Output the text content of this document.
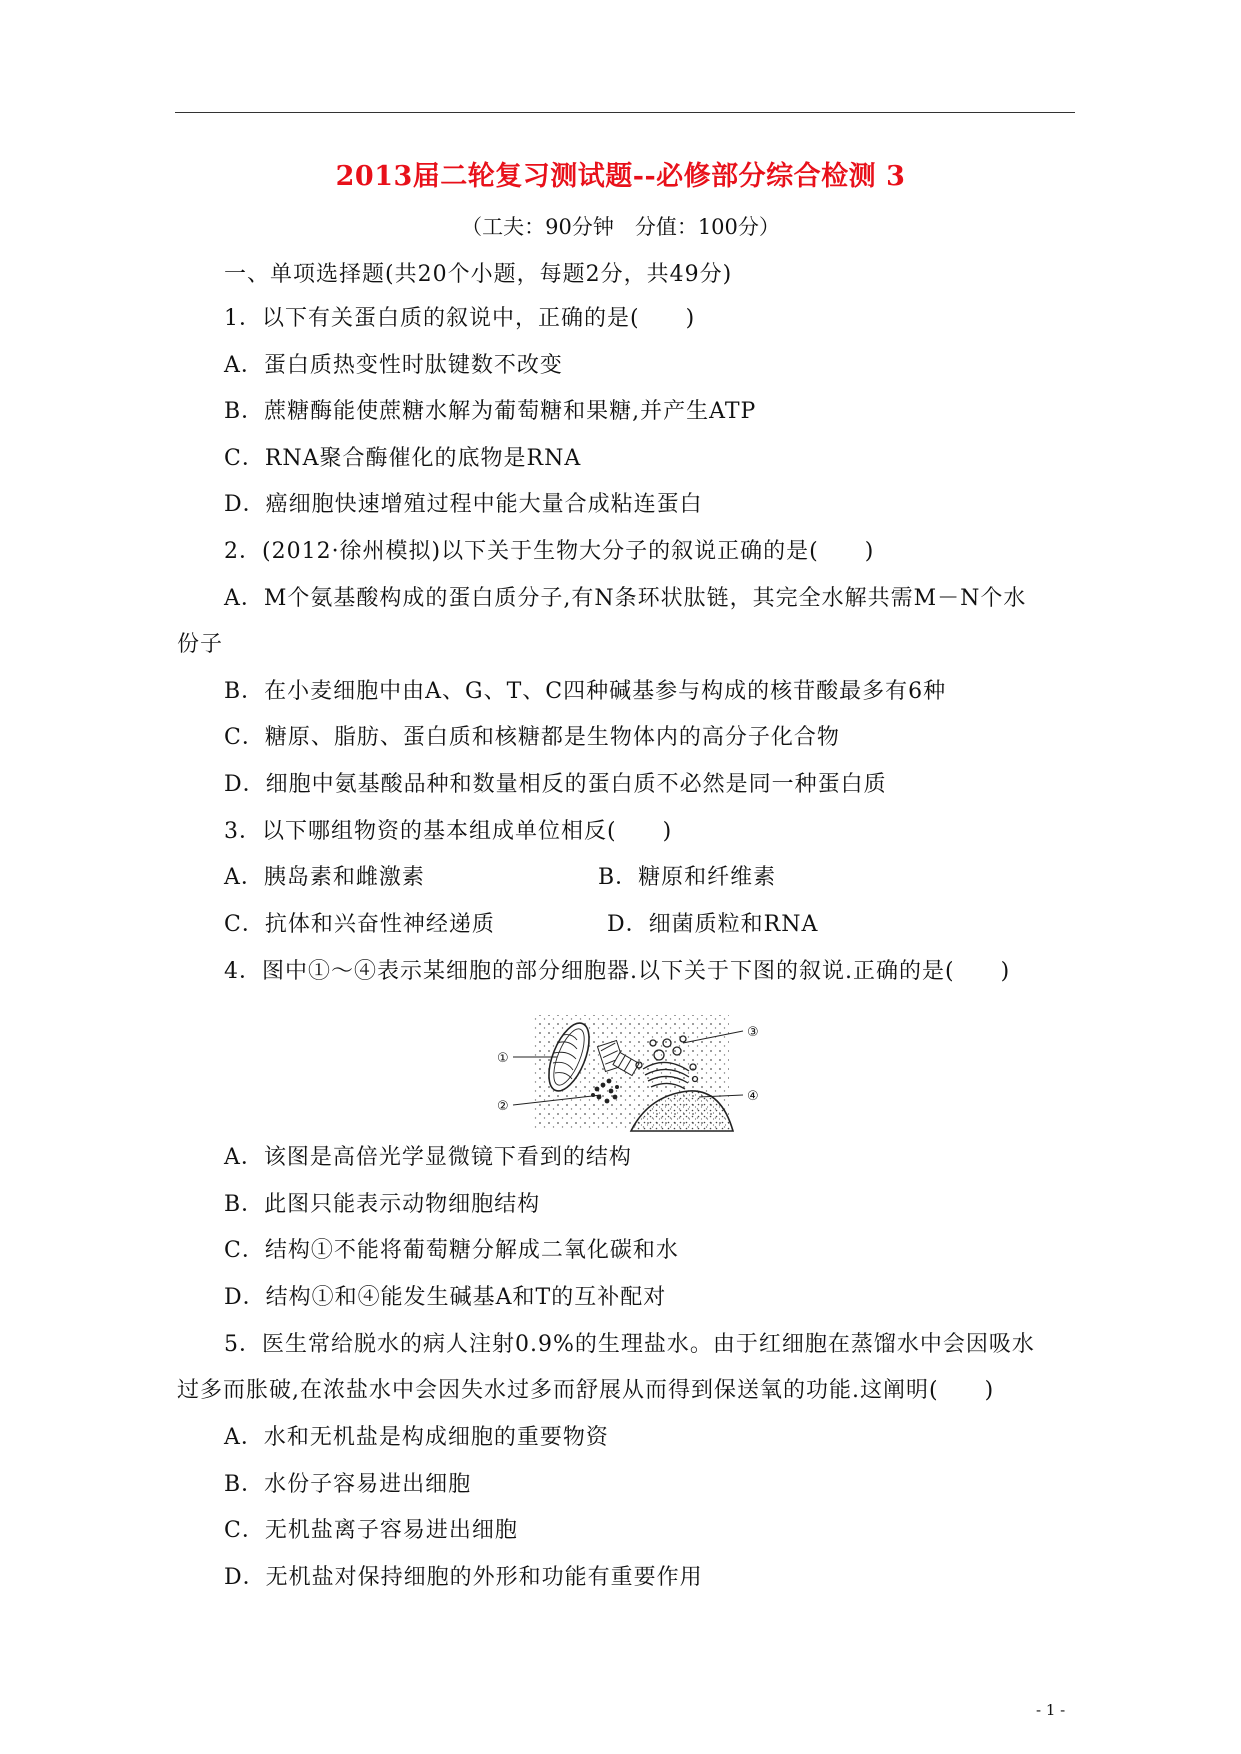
2013届二轮复习测试题--必修部分综合检测 3
（工夫：90分钟　分值：100分）
一、单项选择题(共20个小题，每题2分，共49分)
1．以下有关蛋白质的叙说中，正确的是(　　)
A．蛋白质热变性时肽键数不改变
B．蔗糖酶能使蔗糖水解为葡萄糖和果糖,并产生ATP
C．RNA聚合酶催化的底物是RNA
D．癌细胞快速增殖过程中能大量合成粘连蛋白
2．(2012·徐州模拟)以下关于生物大分子的叙说正确的是(　　)
A．M个氨基酸构成的蛋白质分子,有N条环状肽链，其完全水解共需M－N个水
份子
B．在小麦细胞中由A、G、T、C四种碱基参与构成的核苷酸最多有6种
C．糖原、脂肪、蛋白质和核糖都是生物体内的高分子化合物
D．细胞中氨基酸品种和数量相反的蛋白质不必然是同一种蛋白质
3．以下哪组物资的基本组成单位相反(　　)
A．胰岛素和雌激素	B．糖原和纤维素
C．抗体和兴奋性神经递质	D．细菌质粒和RNA
4．图中①～④表示某细胞的部分细胞器.以下关于下图的叙说.正确的是(　　)
①
②
③
④
A．该图是高倍光学显微镜下看到的结构
B．此图只能表示动物细胞结构
C．结构①不能将葡萄糖分解成二氧化碳和水
D．结构①和④能发生碱基A和T的互补配对
5．医生常给脱水的病人注射0.9%的生理盐水。由于红细胞在蒸馏水中会因吸水
过多而胀破,在浓盐水中会因失水过多而舒展从而得到保送氧的功能.这阐明(　　)
A．水和无机盐是构成细胞的重要物资
B．水份子容易进出细胞
C．无机盐离子容易进出细胞
D．无机盐对保持细胞的外形和功能有重要作用
- 1 -
